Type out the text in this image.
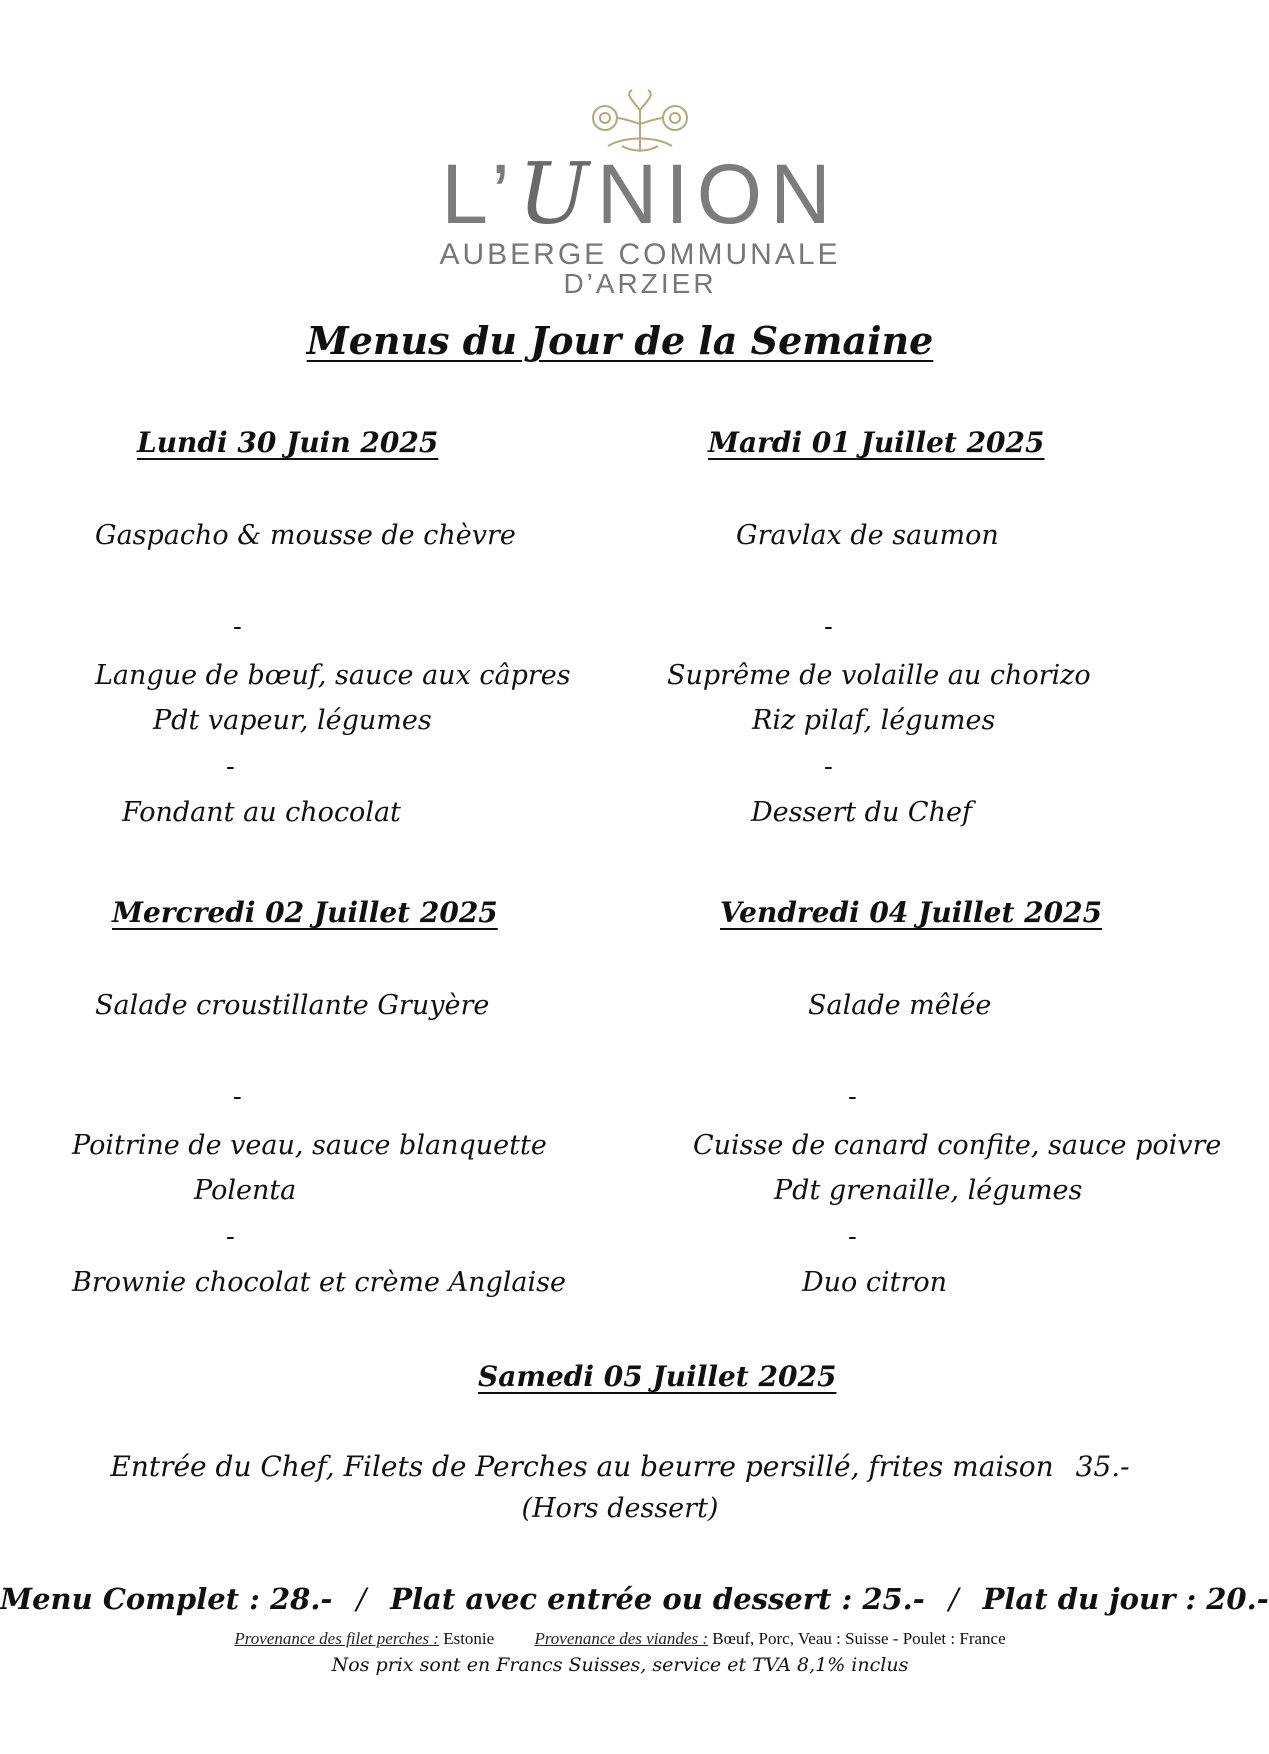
L’UNION
AUBERGE COMMUNALE
D’ARZIER
Menus du Jour de la Semaine
Lundi 30 Juin 2025
Gaspacho & mousse de chèvre
-
Langue de bœuf, sauce aux câpres
Pdt vapeur, légumes
-
Fondant au chocolat
Mardi 01 Juillet 2025
Gravlax de saumon
-
Suprême de volaille au chorizo
Riz pilaf, légumes
-
Dessert du Chef
Mercredi 02 Juillet 2025
Salade croustillante Gruyère
-
Poitrine de veau, sauce blanquette
Polenta
-
Brownie chocolat et crème Anglaise
Vendredi 04 Juillet 2025
Salade mêlée
-
Cuisse de canard confite, sauce poivre
Pdt grenaille, légumes
-
Duo citron
Samedi 05 Juillet 2025
Entrée du Chef, Filets de Perches au beurre persillé, frites maison 35.-
(Hors dessert)
Menu Complet : 28.- / Plat avec entrée ou dessert : 25.- / Plat du jour : 20.-
Provenance des filet perches : Estonie Provenance des viandes : Bœuf, Porc, Veau : Suisse - Poulet : France
Nos prix sont en Francs Suisses, service et TVA 8,1% inclus
